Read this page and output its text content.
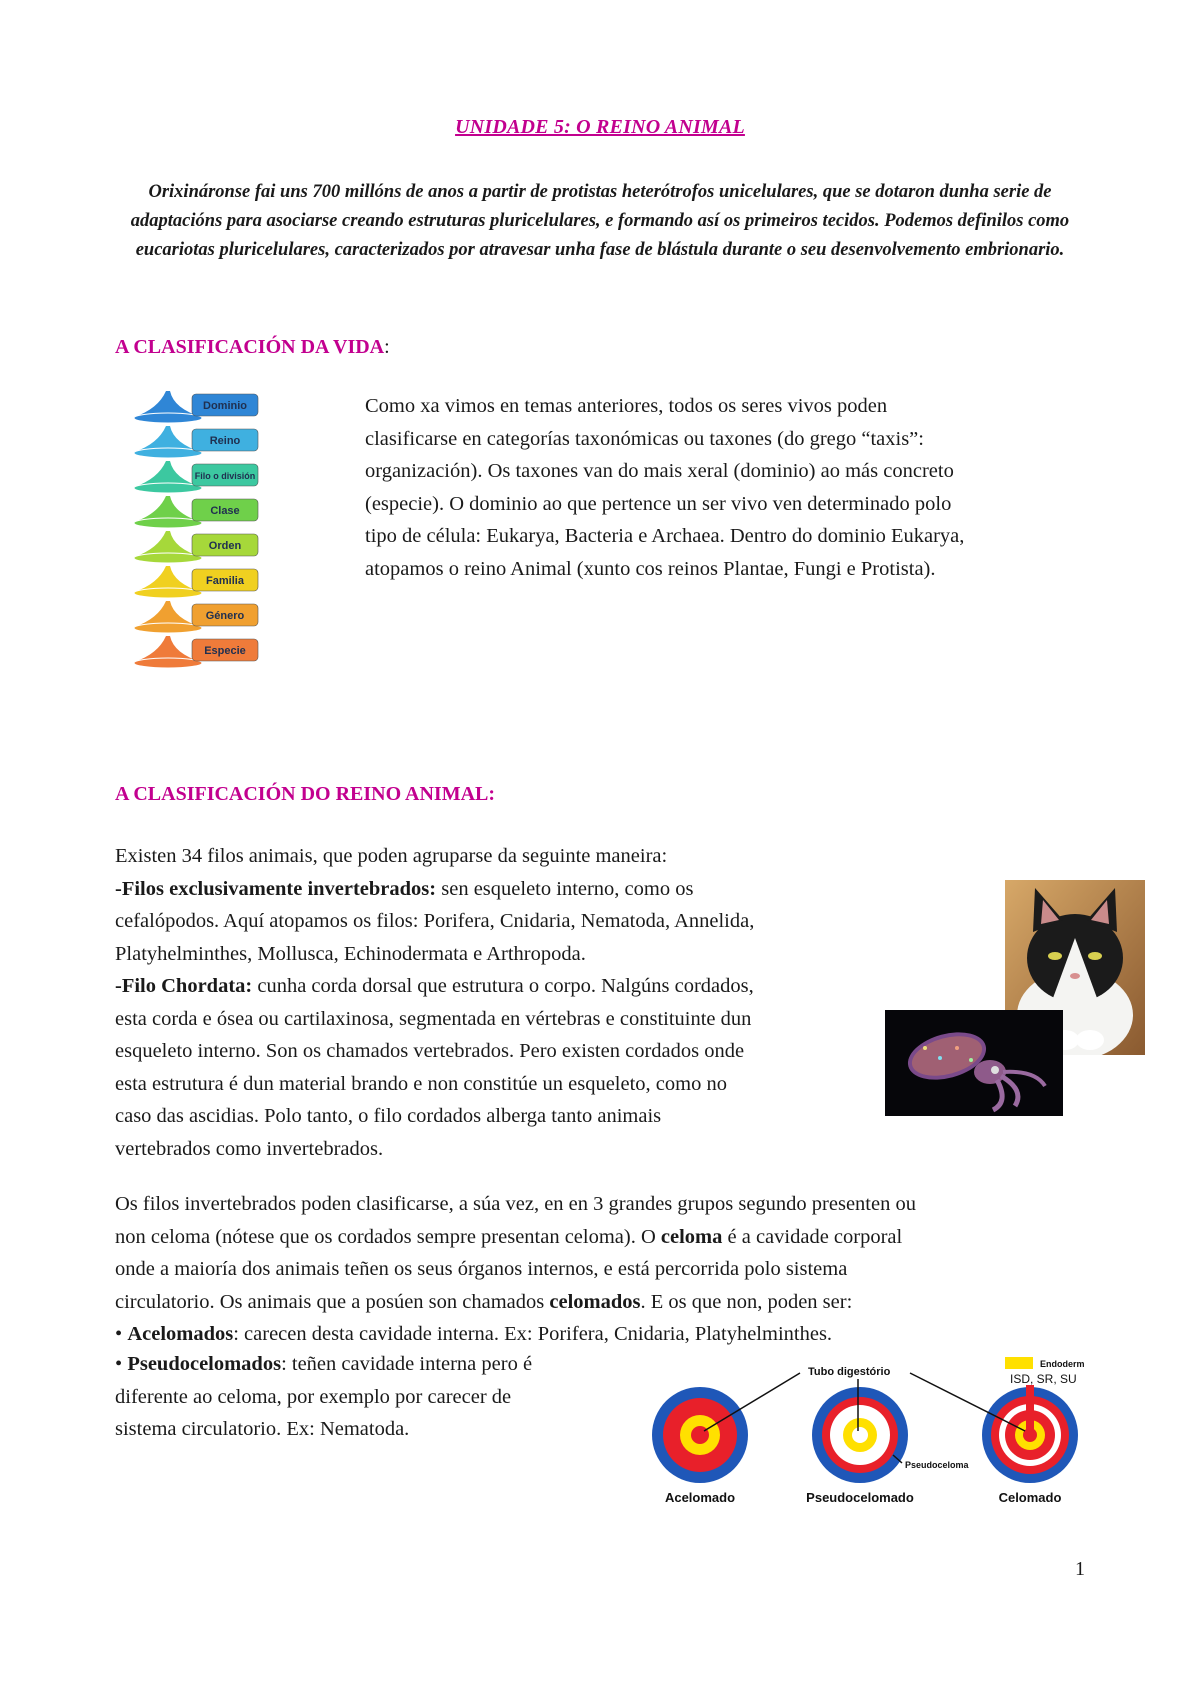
UNIDADE 5: O REINO ANIMAL
Orixináronse fai uns 700 millóns de anos a partir de protistas heterótrofos unicelulares, que se dotaron dunha serie de adaptacións para asociarse creando estruturas pluricelulares, e formando así os primeiros tecidos. Podemos definilos como eucariotas pluricelulares, caracterizados por atravesar unha fase de blástula durante o seu desenvolvemento embrionario.
A CLASIFICACIÓN DA VIDA:
Dominio
Reino
Filo o división
Clase
Orden
Familia
Género
Especie
Como xa vimos en temas anteriores, todos os seres vivos poden
clasificarse en categorías taxonómicas ou taxones (do grego “taxis”:
organización). Os taxones van do mais xeral (dominio) ao más concreto
(especie). O dominio ao que pertence un ser vivo ven determinado polo
tipo de célula: Eukarya, Bacteria e Archaea. Dentro do dominio Eukarya,
atopamos o reino Animal (xunto cos reinos Plantae, Fungi e Protista).
A CLASIFICACIÓN DO REINO ANIMAL:
Existen 34 filos animais, que poden agruparse da seguinte maneira:
-Filos exclusivamente invertebrados: sen esqueleto interno, como os
cefalópodos. Aquí atopamos os filos: Porifera, Cnidaria, Nematoda, Annelida,
Platyhelminthes, Mollusca, Echinodermata e Arthropoda.
-Filo Chordata: cunha corda dorsal que estrutura o corpo. Nalgúns cordados,
esta corda e ósea ou cartilaxinosa, segmentada en vértebras e constituinte dun
esqueleto interno. Son os chamados vertebrados. Pero existen cordados onde
esta estrutura é dun material brando e non constitúe un esqueleto, como no
caso das ascidias. Polo tanto, o filo cordados alberga tanto animais
vertebrados como invertebrados.
Os filos invertebrados poden clasificarse, a súa vez, en en 3 grandes grupos segundo presenten ou
non celoma (nótese que os cordados sempre presentan celoma). O celoma é a cavidade corporal
onde a maioría dos animais teñen os seus órganos internos, e está percorrida polo sistema
circulatorio. Os animais que a posúen son chamados celomados. E os que non, poden ser:
• Acelomados: carecen desta cavidade interna. Ex: Porifera, Cnidaria, Platyhelminthes.
• Pseudocelomados: teñen cavidade interna pero é
diferente ao celoma, por exemplo por carecer de
sistema circulatorio. Ex: Nematoda.
Endoderm
ISD, SR, SU
Tubo digestório
Pseudoceloma
Acelomado	Pseudocelomado	Celomado
1
